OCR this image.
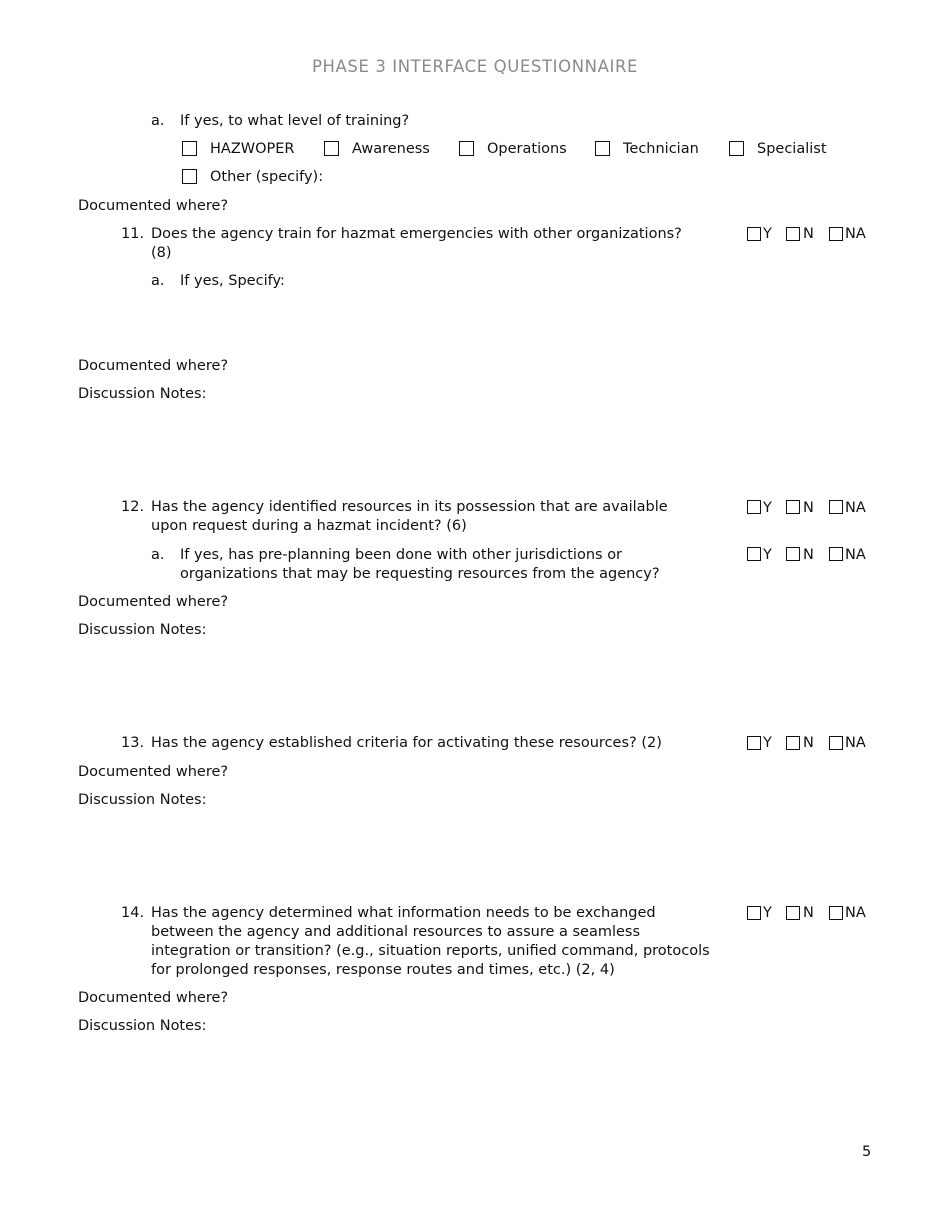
PHASE 3 INTERFACE QUESTIONNAIRE
a. If yes, to what level of training?
HAZWOPER	Awareness	Operations	Technician	Specialist
Other (specify):
Documented where?
11. Does the agency train for hazmat emergencies with other organizations?
(8)
Y N NA
a. If yes, Specify:
Documented where?
Discussion Notes:
12. Has the agency identified resources in its possession that are available
upon request during a hazmat incident? (6)
Y N NA
a. If yes, has pre-planning been done with other jurisdictions or
organizations that may be requesting resources from the agency?
Y N NA
Documented where?
Discussion Notes:
13. Has the agency established criteria for activating these resources? (2)	Y N NA
Documented where?
Discussion Notes:
14. Has the agency determined what information needs to be exchanged
between the agency and additional resources to assure a seamless
integration or transition? (e.g., situation reports, unified command, protocols
for prolonged responses, response routes and times, etc.) (2, 4)
Y N NA
Documented where?
Discussion Notes:
5
